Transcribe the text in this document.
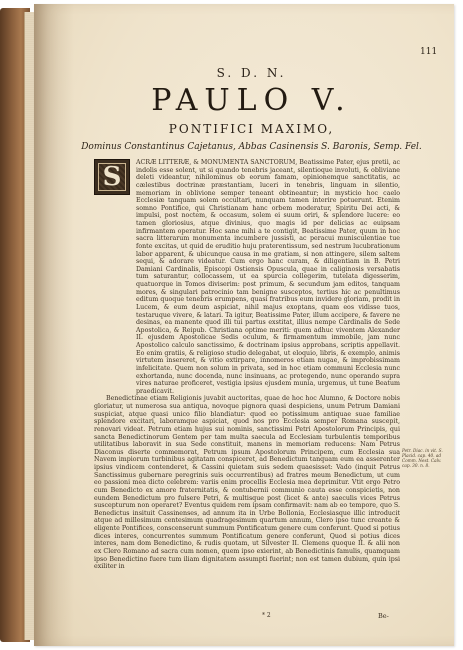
111
S. D. N.
PAULO V.
PONTIFICI MAXIMO,
Dominus Constantinus Cajetanus, Abbas Casinensis S. Baronis, Semp. Fel.

ACRÆ LITTERÆ, & MONUMENTA SANCTORUM, Beatissime Pater, ejus pretii, ac indolis esse solent, ut si quando tenebris jaceant, silentioque involuti, & obliviane deleti videantur, nihilominus ob eorum famam, opinionemque sanctitatis, ac cælestibus doctrinæ præstantiam, luceri in tenebris, linguam in silentio, memoriam in oblivione semper teneant obtineantur; in mysticio hoc caelo Ecclesiæ tanquam solem occultari, nunquam tamen interire potuerunt. Etenim somno Pontifice, qui Christianam hanc orbem moderatur, Spiritu Dei acti, & impulsi, post noctem, & occasum, solem ei suum oriri, & splendore lucere: eo tamen gloriosius, atque divinius, quo magis id per delicias ac euipsam infirmantem operatur. Hoc sane mihi a te contigit, Beatissime Pater, quum in hoc sacra litterarum monumenta incumbere jussisti, ac peracui munisculentiae tue fonte excitas, ut quid de eruditio huju praterentissum, sed nestrum lucubrationum labor apparent, & ubicunque causa in me gratiam, si non attingere, silem saltem sequi, & adorare videatur. Cum ergo hanc curam, & diligentiam in B. Petri Damiani Cardinalis, Episcopi Ostiensis Opuscula, quae in caliginosis versabatis tum saturantur, collocassem, ut ea spurcia collegerim, tutelata digesserim, quatuorque in Tomos diviserim: post primum, & secundum jam editos, tanquam mores, & singulari patrocinio tam benigne susceptos, tertius hic ac penultimus editum quoque tenebris erumpens, quasi fratribus eum invidere gloriam, prodit in Lucem, & eum deum aspiciat, nihil majus exoptans, quam eos vidisse tuos, testaruque vivere, & latari. Ta igitur, Beatissime Pater, illum accipere, & favere ne desinas, ea manente quod illi tui partus exstitat, illius nempe Cardinalis de Sede Apostolica, & Reipub. Christiana optime meriti: quem adhuc viventem Alexander II. ejusdem Apostolicae Sedis oculum, & firmamentum immobile, jam nunc Apostolico calculo sanctissimo, & doctrinam ipsius approbans, scriptis appellavit. Eo enim gratiis, & religioso studio delegabat, ut eloquio, libris, & exemplo, animis virtutem insereret, & vitio extirpare, innomeros etiam nugae, & improbissimam infelicitate. Quem non solum in privata, sed in hoc etiam communi Ecclesia nunc exhortanda, nunc docenda, nunc insinuans, ac protegendo, nunc operando supra vires naturae proficeret, vestigia ipsius ejusdem munia, urgemus, ut tune Beatum praedicavit.

Benedictinae etiam Religionis juvabit auctoritas, quae de hoc hoc Alumno, & Doctore nobis gloriatur, ut numerosa sua antiqua, novoque pignora quasi despiciens, unum Petrum Damiani suspiciat, atque quasi unico filio blandiatur: quod eo potissimum antiquae suae familiae splendore excitari, laboramque aspiciat, quod nos pro Ecclesia semper Romana suscepit, renovari videat. Petrum etiam hujus sui nominis, sanctissimi Petri Apostolorum Principis, qui sancta Benedictinorum Gentem per tam multa saecula ad Ecclesiam turbulentis temporibus utilitatibus laboravit in sua Sede constituit, manens in memoriam reducens: Nam Petrus Diaconus diserte commemorat, Petrum ipsum Apostolorum Principem, cum Ecclesia sua Navem impiorum turbinibus agitatam conspiceret, ad Benedictum tanquam eum ea asserenter ipsius vindicem contenderet, & Cassini quietam suis sedem quaesisset: Vado (inquit Petrus Sanctissimus gubernare peregrinis suis occurrentibus) ad fratres meum Benedictum, ut cum eo passioni mea dicto celebrem: variis enim procellis Ecclesia mea deprimitur. Vtit ergo Petro cum Benedicto ex amore fraternitatis, & contubernii communio cauta esse conspicietis, non eundem Benedictum pro fulsere Petri, & multisque post (licet & ante) saeculis vices Petrus suscepturum non operaret? Eventus quidem rem ipsam confirmavit: nam ab eo tempore, quo S. Benedictus insituit Cassinenses, ad annum ita in Urbe Bollonia, Ecclesiasque illic introducit atque ad millesimum centesimum quadragesimum quartum annum, Clero ipso tunc creante & eligente Pontifices, conscenserunt summum Pontificatum genere cum conferunt. Quod si potius dices interes, concurrentes summum Pontificatum genere conferunt, Quod si potius dices interes, nam dom Benedictino, & rudis quotam, ut Silvester II. Clemens quoque II. & alii non ex Clero Romano ad sacra cum nomen, quem ipso exierint, ab Benedictinis famulis, quamquam ipso Benedictino fuere tum iliam dignitatem assumpti fuerint; non est tamen dubium, quin ipsi exiliter in

S
Petr. Diac. in vit. S. Placid. cap. 40. ad Comm. Nest. Calv. cap. 30. n. 8.
* 2	Be-
